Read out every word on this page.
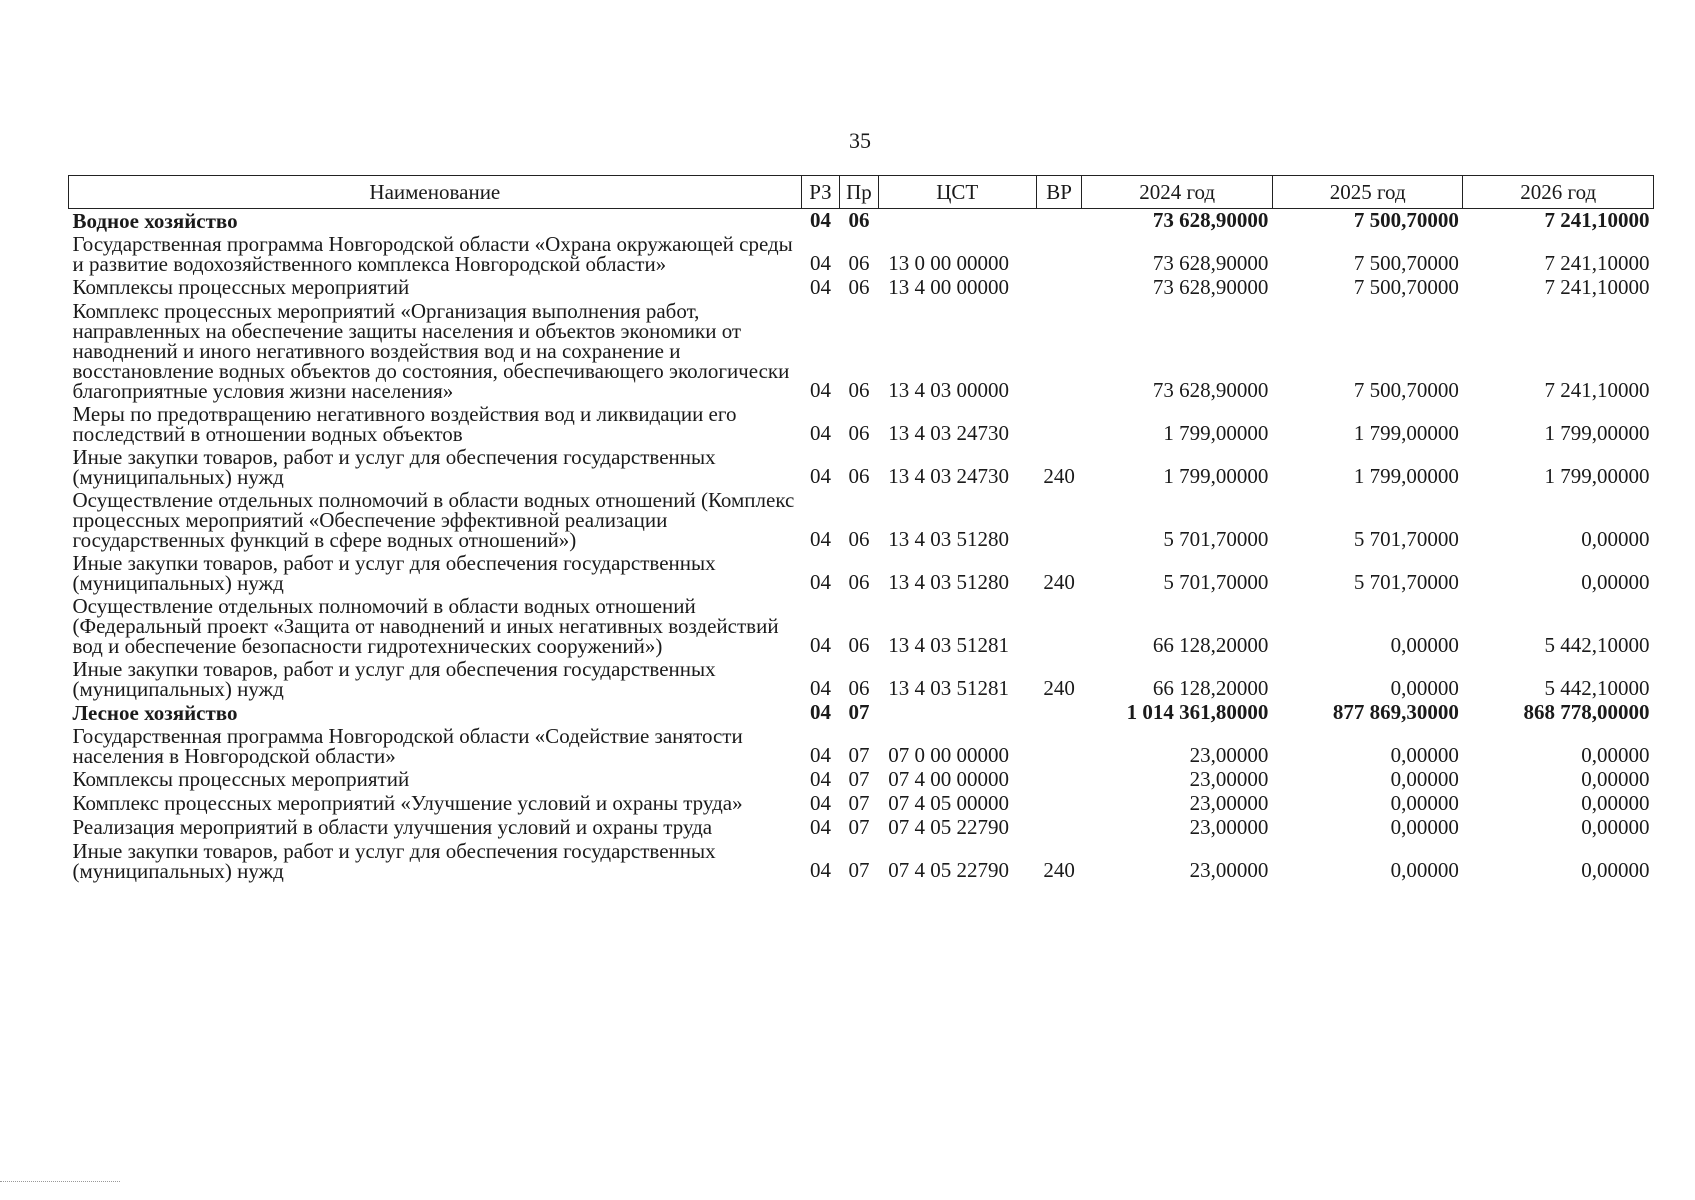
35
Наименование	РЗ	Пр	ЦСТ	ВР	2024 год	2025 год	2026 год
Водное хозяйство	04	06			73 628,90000	7 500,70000	7 241,10000
Государственная программа Новгородской области «Охрана окружающей среды и развитие водохозяйственного комплекса Новгородской области»	04	06	13 0 00 00000		73 628,90000	7 500,70000	7 241,10000
Комплексы процессных мероприятий	04	06	13 4 00 00000		73 628,90000	7 500,70000	7 241,10000
Комплекс процессных мероприятий «Организация выполнения работ, направленных на обеспечение защиты населения и объектов экономики от наводнений и иного негативного воздействия вод и на сохранение и восстановление водных объектов до состояния, обеспечивающего экологически благоприятные условия жизни населения»	04	06	13 4 03 00000		73 628,90000	7 500,70000	7 241,10000
Меры по предотвращению негативного воздействия вод и ликвидации его последствий в отношении водных объектов	04	06	13 4 03 24730		1 799,00000	1 799,00000	1 799,00000
Иные закупки товаров, работ и услуг для обеспечения государственных (муниципальных) нужд	04	06	13 4 03 24730	240	1 799,00000	1 799,00000	1 799,00000
Осуществление отдельных полномочий в области водных отношений (Комплекс процессных мероприятий «Обеспечение эффективной реализации государственных функций в сфере водных отношений»)	04	06	13 4 03 51280		5 701,70000	5 701,70000	0,00000
Иные закупки товаров, работ и услуг для обеспечения государственных (муниципальных) нужд	04	06	13 4 03 51280	240	5 701,70000	5 701,70000	0,00000
Осуществление отдельных полномочий в области водных отношений (Федеральный проект «Защита от наводнений и иных негативных воздействий вод и обеспечение безопасности гидротехнических сооружений»)	04	06	13 4 03 51281		66 128,20000	0,00000	5 442,10000
Иные закупки товаров, работ и услуг для обеспечения государственных (муниципальных) нужд	04	06	13 4 03 51281	240	66 128,20000	0,00000	5 442,10000
Лесное хозяйство	04	07			1 014 361,80000	877 869,30000	868 778,00000
Государственная программа Новгородской области «Содействие занятости населения в Новгородской области»	04	07	07 0 00 00000		23,00000	0,00000	0,00000
Комплексы процессных мероприятий	04	07	07 4 00 00000		23,00000	0,00000	0,00000
Комплекс процессных мероприятий «Улучшение условий и охраны труда»	04	07	07 4 05 00000		23,00000	0,00000	0,00000
Реализация мероприятий в области улучшения условий и охраны труда	04	07	07 4 05 22790		23,00000	0,00000	0,00000
Иные закупки товаров, работ и услуг для обеспечения государственных (муниципальных) нужд	04	07	07 4 05 22790	240	23,00000	0,00000	0,00000
